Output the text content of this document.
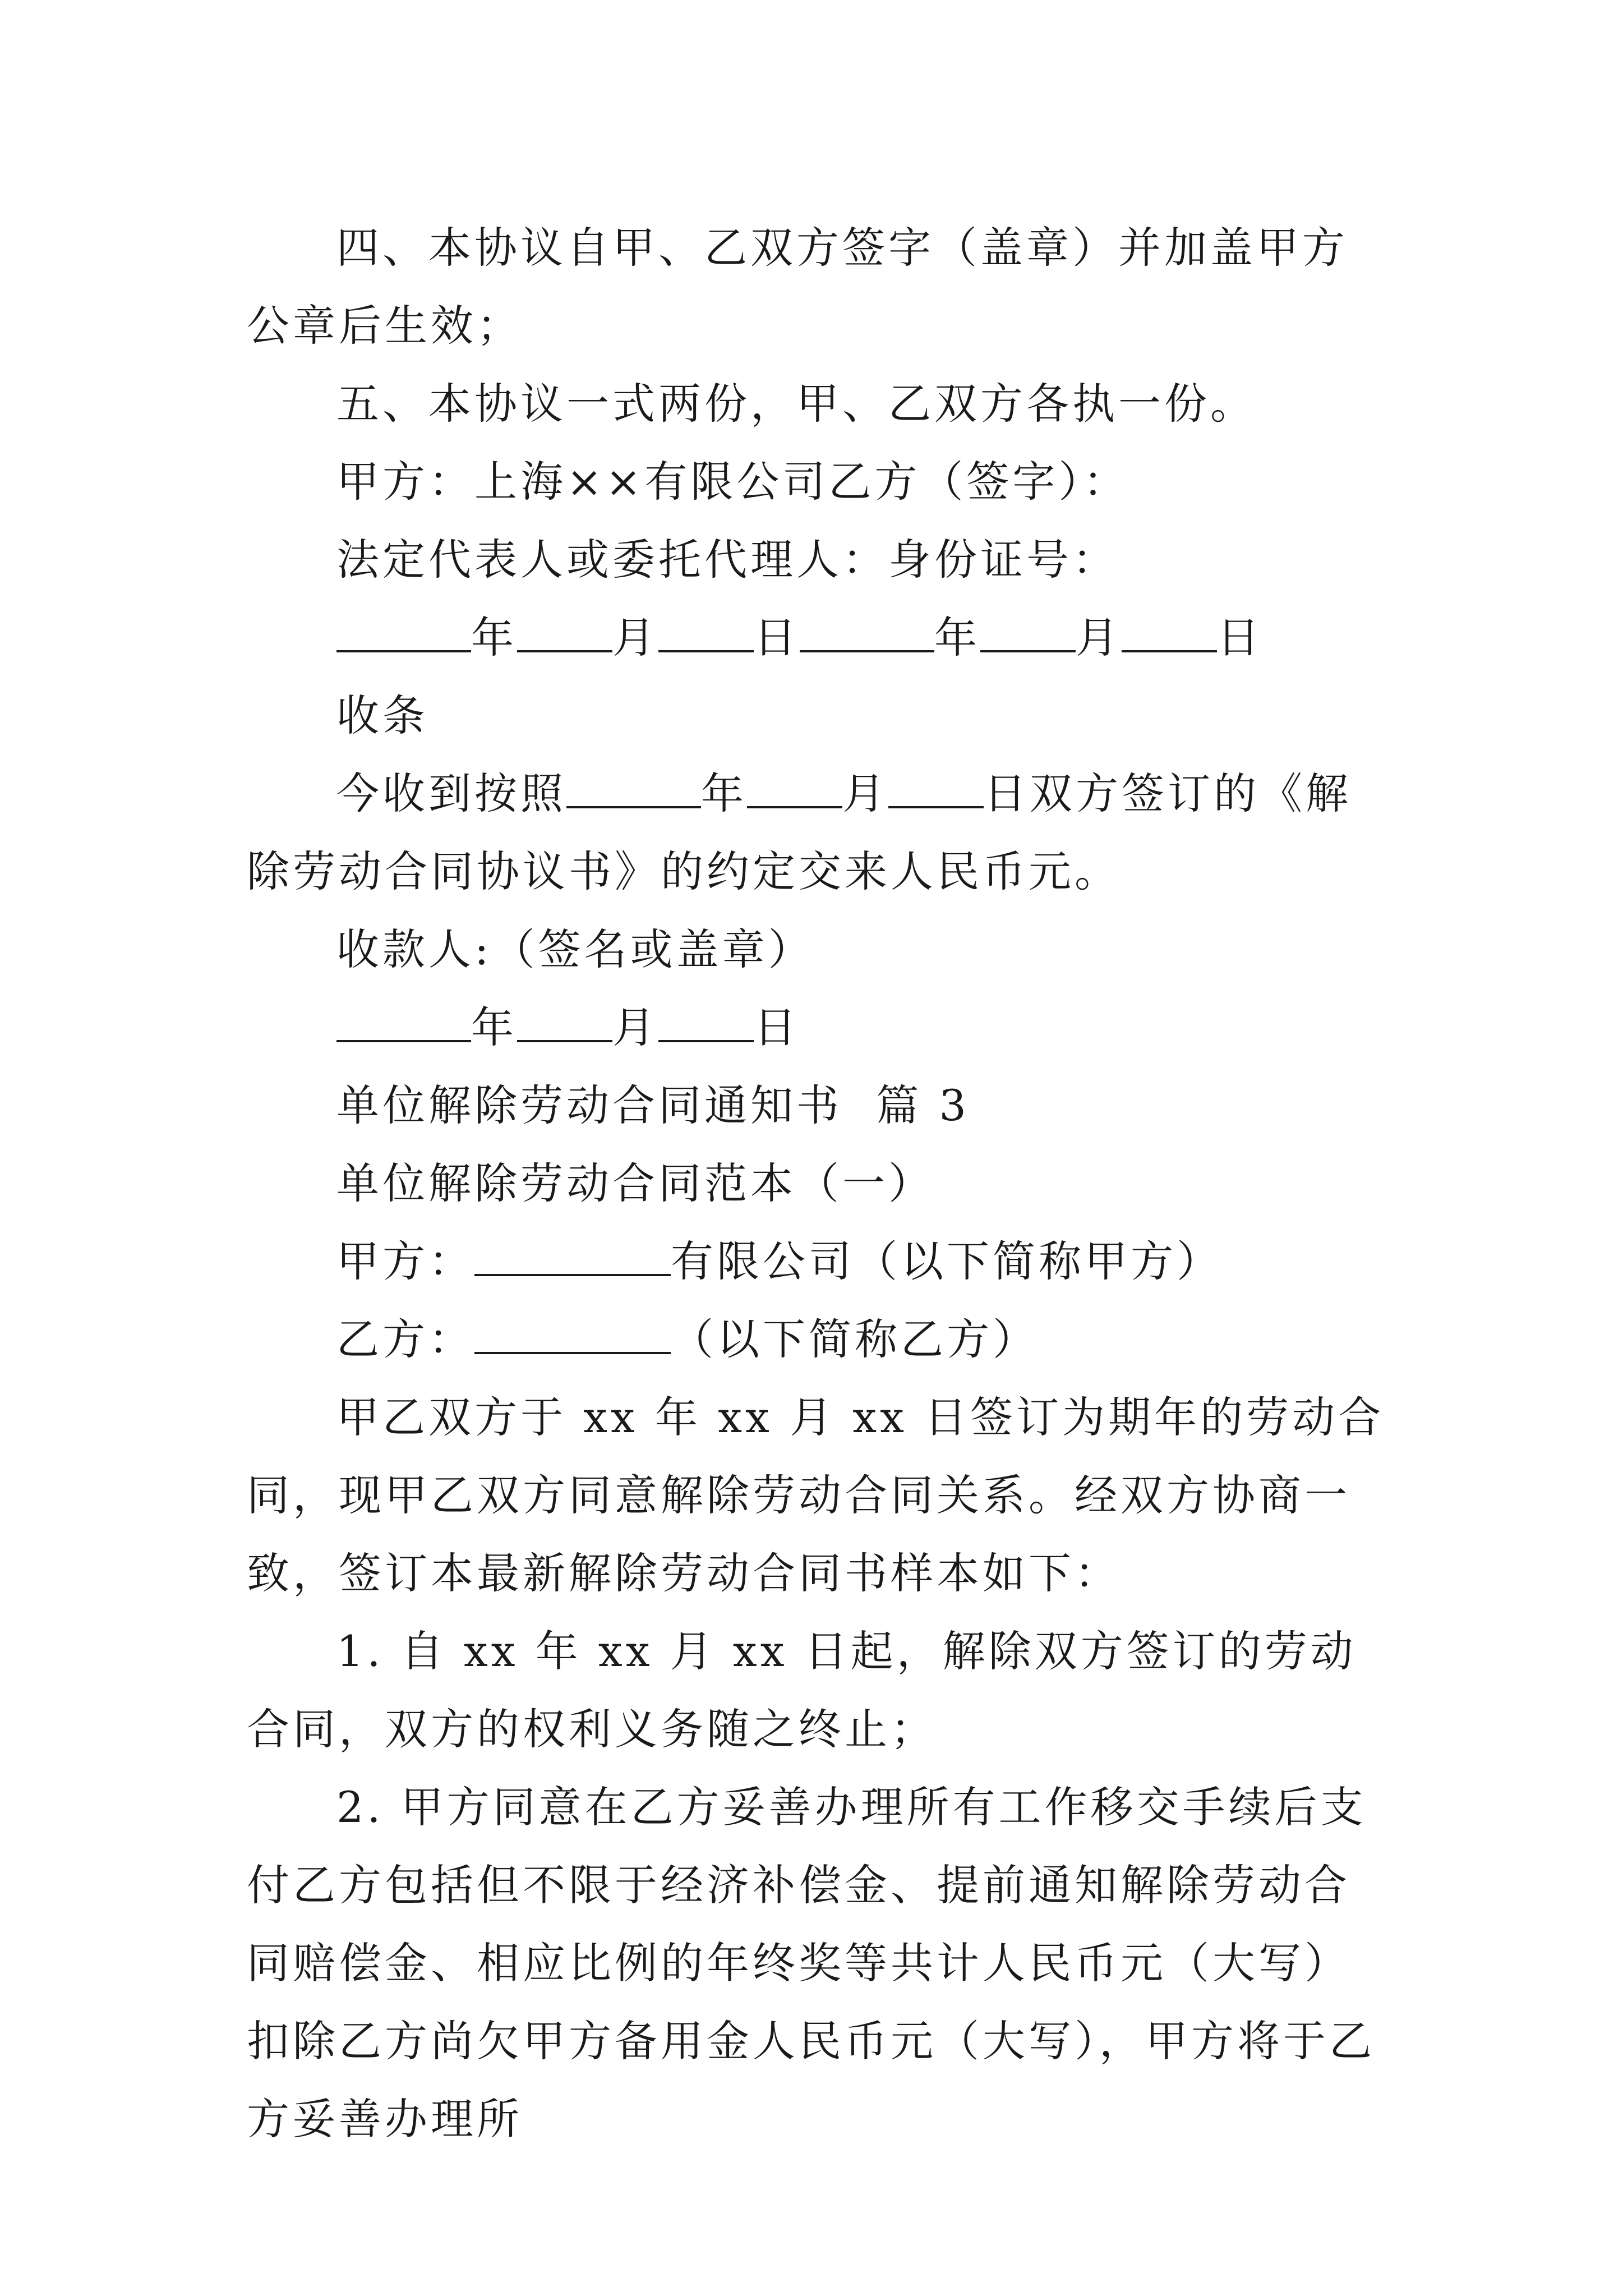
四、本协议自甲、乙双方签字（盖章）并加盖甲方公章后生效；

五、本协议一式两份，甲、乙双方各执一份。

甲方：上海××有限公司乙方（签字）：

法定代表人或委托代理人：身份证号：

年 月 日	年 月 日

收条

今收到按照	年 月 日双方签订的《解除劳动合同协议书》的约定交来人民币元。

收款人:（签名或盖章）

年 月 日

单位解除劳动合同通知书  篇 3

单位解除劳动合同范本（一）

甲方：	有限公司（以下简称甲方）

乙方：	（以下简称乙方）

甲乙双方于 xx 年 xx 月 xx 日签订为期年的劳动合同，现甲乙双方同意解除劳动合同关系。经双方协商一致，签订本最新解除劳动合同书样本如下：

1. 自 xx 年 xx 月 xx 日起，解除双方签订的劳动合同，双方的权利义务随之终止；

2. 甲方同意在乙方妥善办理所有工作移交手续后支付乙方包括但不限于经济补偿金、提前通知解除劳动合同赔偿金、相应比例的年终奖等共计人民币元（大写）扣除乙方尚欠甲方备用金人民币元（大写），甲方将于乙方妥善办理所
